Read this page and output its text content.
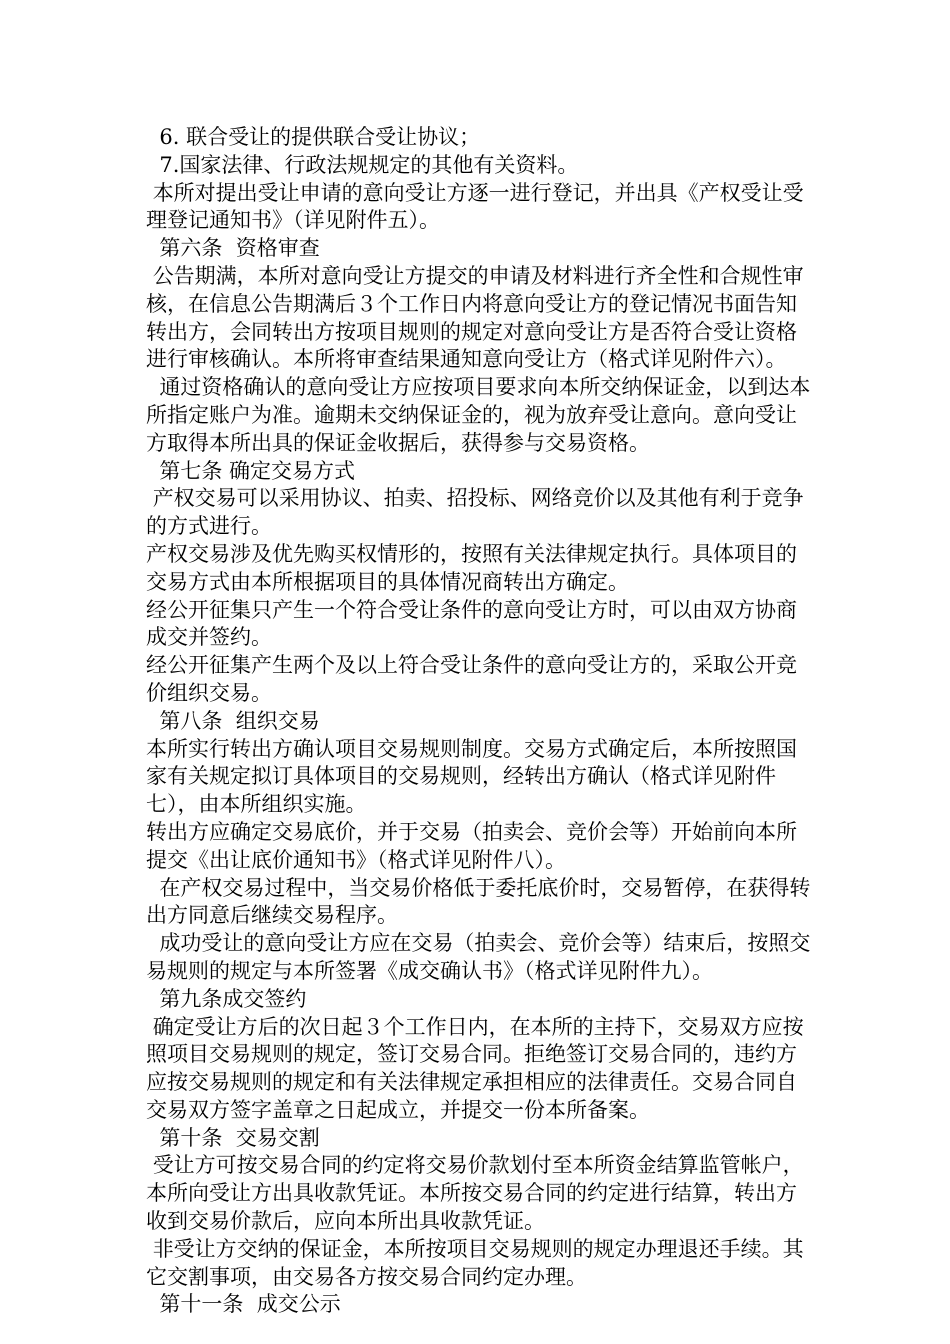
6. 联合受让的提供联合受让协议；

7.国家法律、行政法规规定的其他有关资料。

本所对提出受让申请的意向受让方逐一进行登记，并出具《产权受让受理登记通知书》（详见附件五）。

第六条  资格审查

公告期满，本所对意向受让方提交的申请及材料进行齐全性和合规性审核，在信息公告期满后３个工作日内将意向受让方的登记情况书面告知转出方，会同转出方按项目规则的规定对意向受让方是否符合受让资格进行审核确认。本所将审查结果通知意向受让方（格式详见附件六）。

通过资格确认的意向受让方应按项目要求向本所交纳保证金，以到达本所指定账户为准。逾期未交纳保证金的，视为放弃受让意向。意向受让方取得本所出具的保证金收据后，获得参与交易资格。

第七条 确定交易方式

产权交易可以采用协议、拍卖、招投标、网络竞价以及其他有利于竞争的方式进行。

产权交易涉及优先购买权情形的，按照有关法律规定执行。具体项目的交易方式由本所根据项目的具体情况商转出方确定。

经公开征集只产生一个符合受让条件的意向受让方时，可以由双方协商成交并签约。

经公开征集产生两个及以上符合受让条件的意向受让方的，采取公开竞价组织交易。

第八条  组织交易

本所实行转出方确认项目交易规则制度。交易方式确定后，本所按照国家有关规定拟订具体项目的交易规则，经转出方确认（格式详见附件七），由本所组织实施。

转出方应确定交易底价，并于交易（拍卖会、竞价会等）开始前向本所提交《出让底价通知书》（格式详见附件八）。

在产权交易过程中，当交易价格低于委托底价时，交易暂停，在获得转出方同意后继续交易程序。

成功受让的意向受让方应在交易（拍卖会、竞价会等）结束后，按照交易规则的规定与本所签署《成交确认书》（格式详见附件九）。

第九条成交签约

确定受让方后的次日起３个工作日内，在本所的主持下，交易双方应按照项目交易规则的规定，签订交易合同。拒绝签订交易合同的，违约方应按交易规则的规定和有关法律规定承担相应的法律责任。交易合同自交易双方签字盖章之日起成立，并提交一份本所备案。

第十条  交易交割

受让方可按交易合同的约定将交易价款划付至本所资金结算监管帐户，本所向受让方出具收款凭证。本所按交易合同的约定进行结算，转出方收到交易价款后，应向本所出具收款凭证。

非受让方交纳的保证金，本所按项目交易规则的规定办理退还手续。其它交割事项，由交易各方按交易合同约定办理。

第十一条  成交公示
